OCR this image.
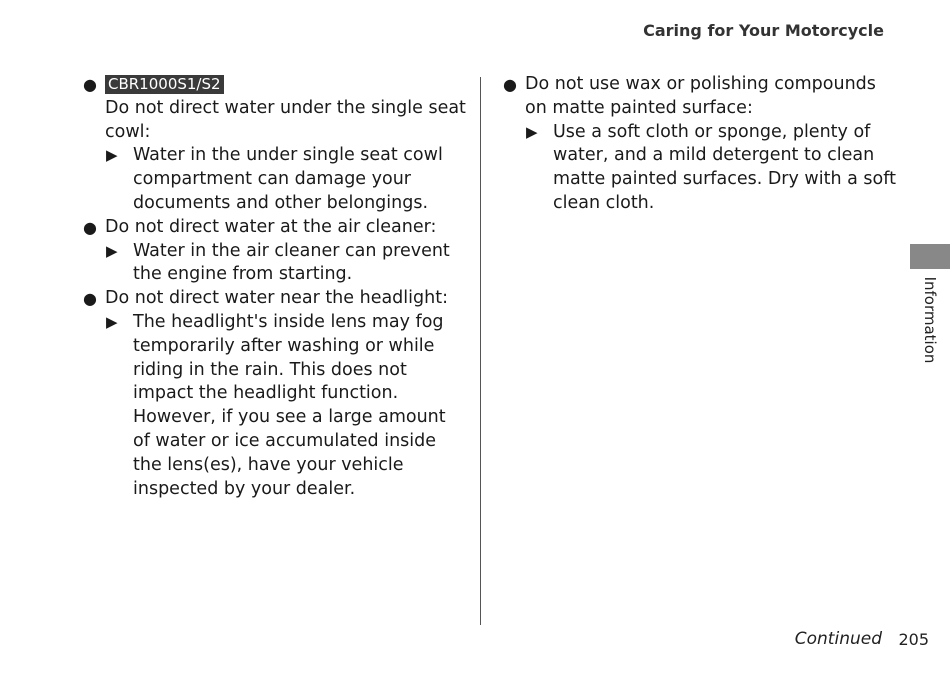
Caring for Your Motorcycle
● CBR1000S1/S2
Do not direct water under the single seat cowl:
▶ Water in the under single seat cowl compartment can damage your documents and other belongings.
● Do not direct water at the air cleaner:
▶ Water in the air cleaner can prevent the engine from starting.
● Do not direct water near the headlight:
▶ The headlight's inside lens may fog temporarily after washing or while riding in the rain. This does not impact the headlight function.
However, if you see a large amount of water or ice accumulated inside the lens(es), have your vehicle inspected by your dealer.
● Do not use wax or polishing compounds on matte painted surface:
▶ Use a soft cloth or sponge, plenty of water, and a mild detergent to clean matte painted surfaces. Dry with a soft clean cloth.
Information
Continued 205
